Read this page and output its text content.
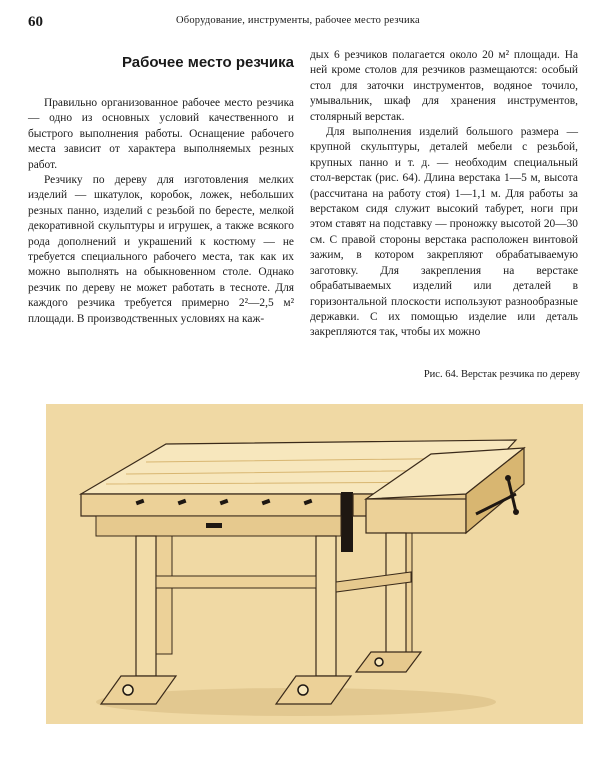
60	Оборудование, инструменты, рабочее место резчика
Рабочее место резчика

Правильно организованное рабочее место резчика — одно из основных условий качественного и быстрого выполнения работы. Оснащение рабочего места зависит от характера выполняемых резных работ.

Резчику по дереву для изготовления мелких изделий — шкатулок, коробок, ложек, небольших резных панно, изделий с резьбой по бересте, мелкой декоративной скульптуры и игрушек, а также всякого рода дополнений и украшений к костюму — не требуется специального рабочего места, так как их можно выполнять на обыкновенном столе. Однако резчик по дереву не может работать в тесноте. Для каждого резчика требуется примерно 2²—2,5 м² площади. В производственных условиях на каж-

дых 6 резчиков полагается около 20 м² площади. На ней кроме столов для резчиков размещаются: особый стол для заточки инструментов, водяное точило, умывальник, шкаф для хранения инструментов, столярный верстак.

Для выполнения изделий большого размера — крупной скульптуры, деталей мебели с резьбой, крупных панно и т. д. — необходим специальный стол-верстак (рис. 64). Длина верстака 1—5 м, высота (рассчитана на работу стоя) 1—1,1 м. Для работы за верстаком сидя служит высокий табурет, ноги при этом ставят на подставку — проножку высотой 20—30 см. С правой стороны верстака расположен винтовой зажим, в котором закрепляют обрабатываемую заготовку. Для закрепления на верстаке обрабатываемых изделий или деталей в горизонтальной плоскости используют разнообразные державки. С их помощью изделие или деталь закрепляются так, чтобы их можно

Рис. 64. Верстак резчика по дереву
